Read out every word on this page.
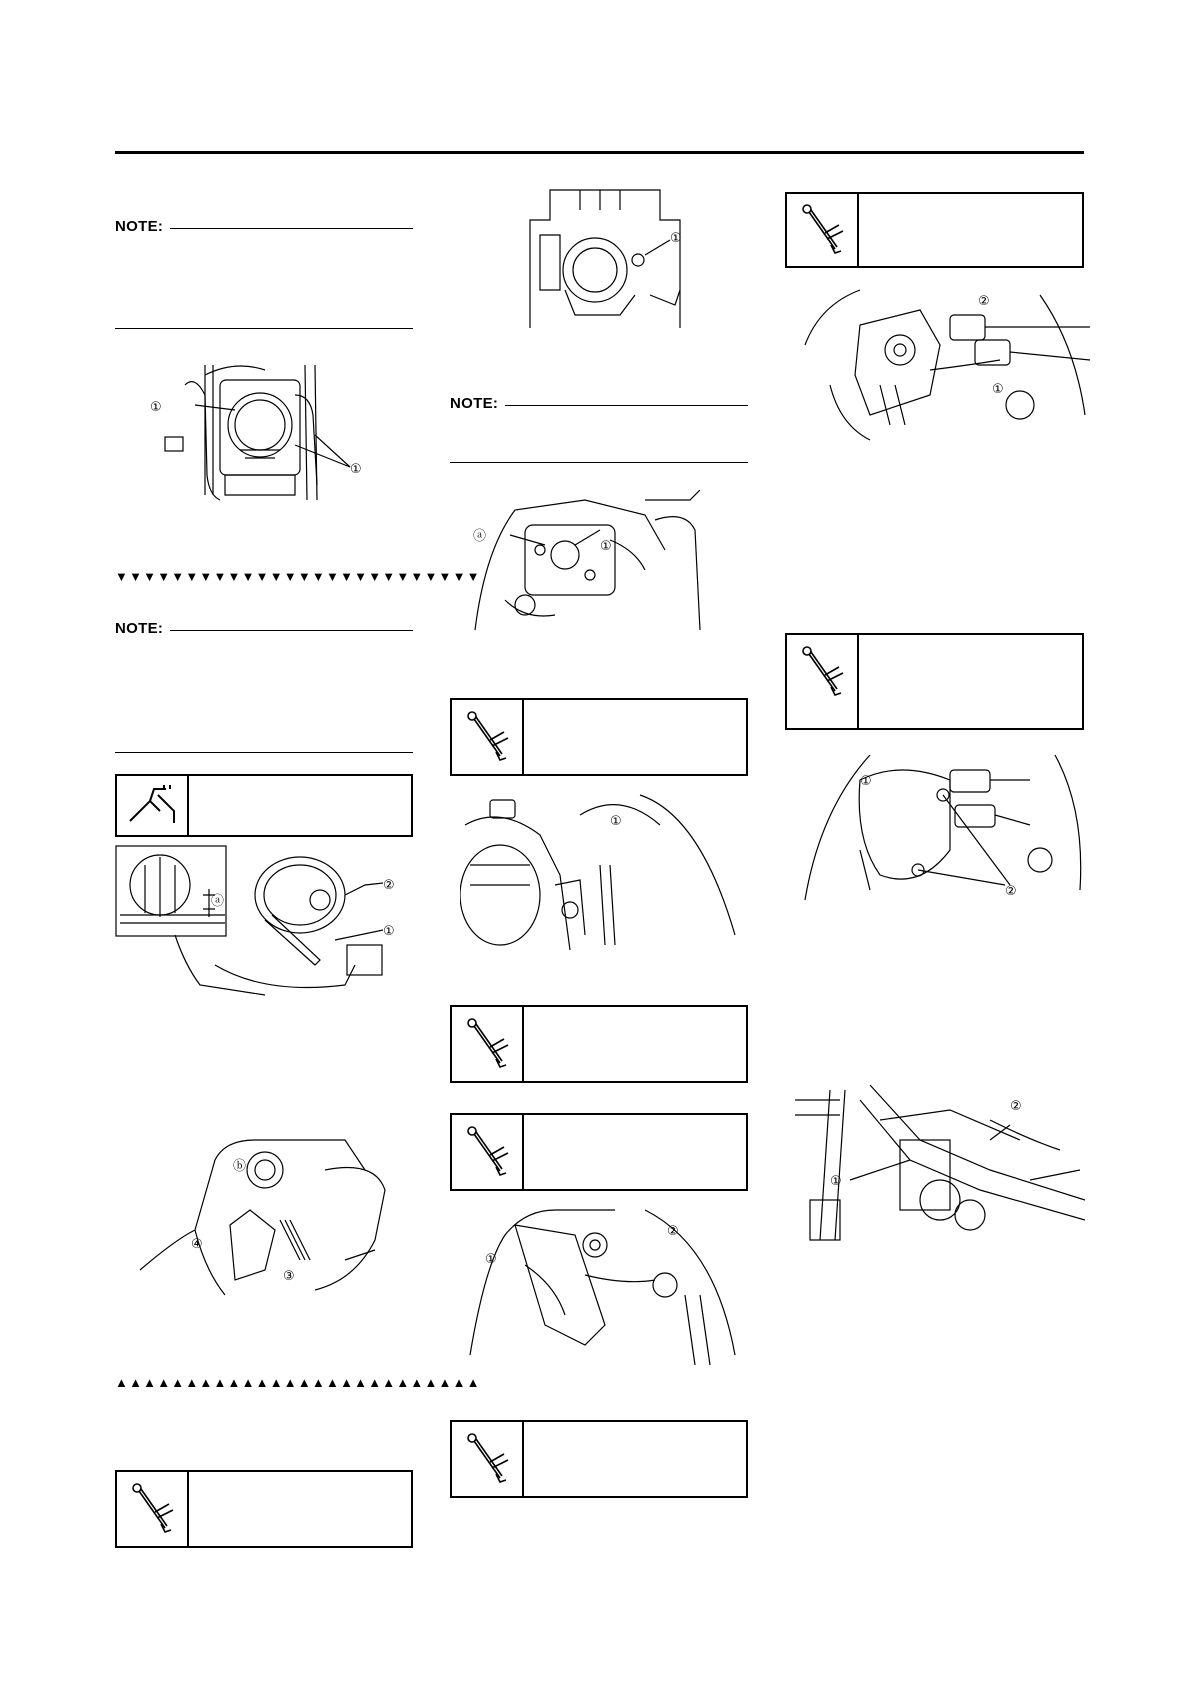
NOTE:
①
①
▼▼▼▼▼▼▼▼▼▼▼▼▼▼▼▼▼▼▼▼▼▼▼▼▼▼
NOTE:
②
①
ⓐ
ⓑ
④
③
▲▲▲▲▲▲▲▲▲▲▲▲▲▲▲▲▲▲▲▲▲▲▲▲▲▲
①
NOTE:
ⓐ
①
①
①
②
②
①
①
②
②
①
